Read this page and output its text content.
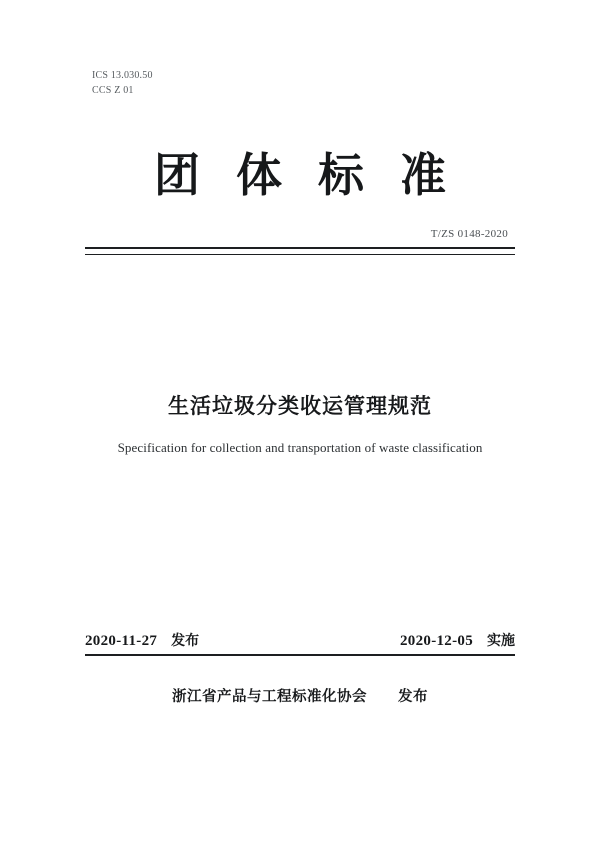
ICS 13.030.50
CCS Z 01
团体标准
T/ZS 0148-2020
生活垃圾分类收运管理规范
Specification for collection and transportation of waste classification
2020-11-27 发布	2020-12-05 实施
浙江省产品与工程标准化协会 发布
